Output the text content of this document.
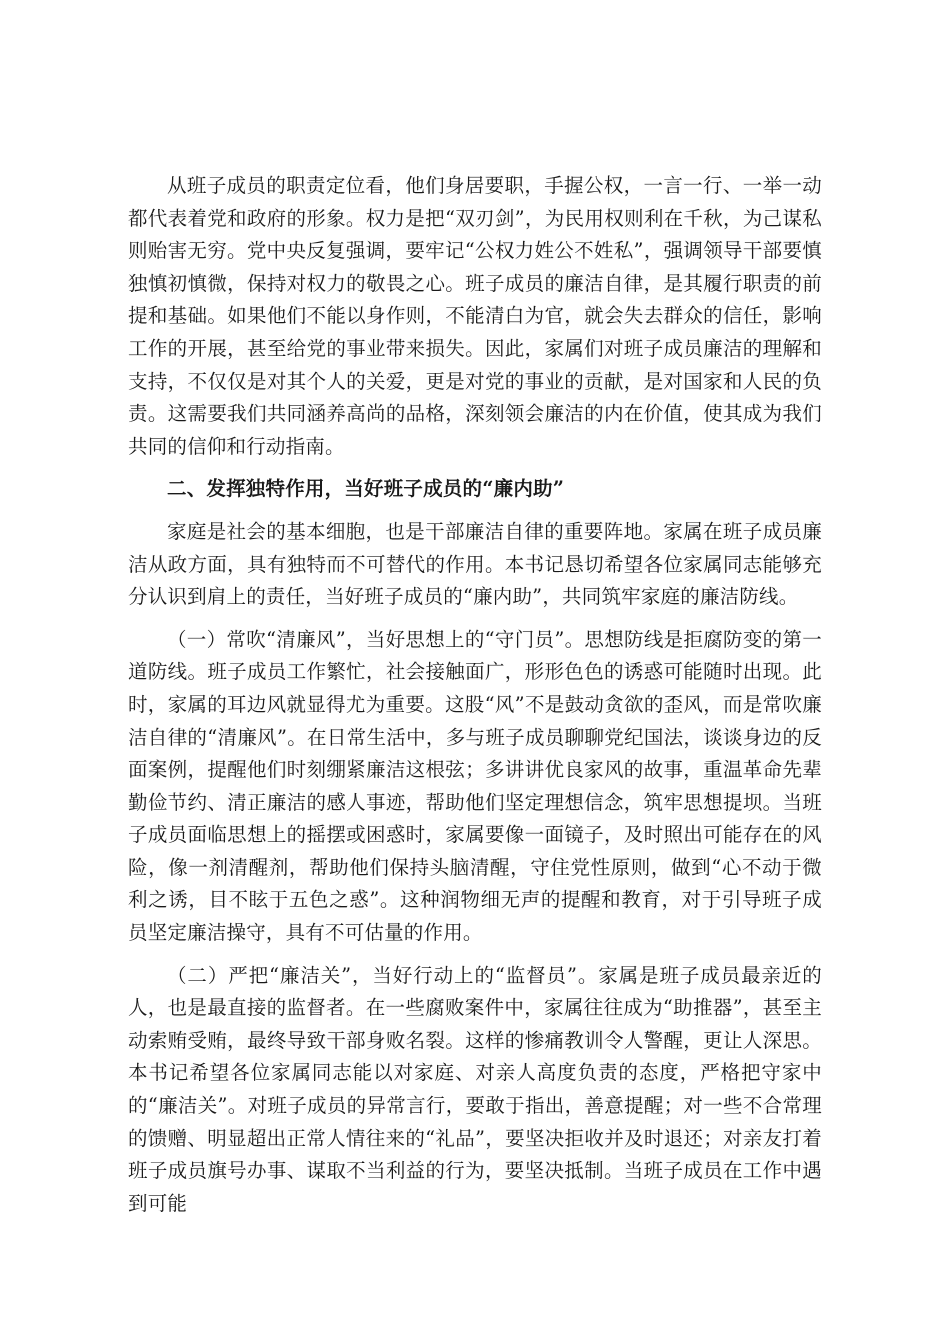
从班子成员的职责定位看，他们身居要职，手握公权，一言一行、一举一动都代表着党和政府的形象。权力是把“双刃剑”，为民用权则利在千秋，为己谋私则贻害无穷。党中央反复强调，要牢记“公权力姓公不姓私”，强调领导干部要慎独慎初慎微，保持对权力的敬畏之心。班子成员的廉洁自律，是其履行职责的前提和基础。如果他们不能以身作则，不能清白为官，就会失去群众的信任，影响工作的开展，甚至给党的事业带来损失。因此，家属们对班子成员廉洁的理解和支持，不仅仅是对其个人的关爱，更是对党的事业的贡献，是对国家和人民的负责。这需要我们共同涵养高尚的品格，深刻领会廉洁的内在价值，使其成为我们共同的信仰和行动指南。

二、发挥独特作用，当好班子成员的“廉内助”

家庭是社会的基本细胞，也是干部廉洁自律的重要阵地。家属在班子成员廉洁从政方面，具有独特而不可替代的作用。本书记恳切希望各位家属同志能够充分认识到肩上的责任，当好班子成员的“廉内助”，共同筑牢家庭的廉洁防线。

（一）常吹“清廉风”，当好思想上的“守门员”。思想防线是拒腐防变的第一道防线。班子成员工作繁忙，社会接触面广，形形色色的诱惑可能随时出现。此时，家属的耳边风就显得尤为重要。这股“风”不是鼓动贪欲的歪风，而是常吹廉洁自律的“清廉风”。在日常生活中，多与班子成员聊聊党纪国法，谈谈身边的反面案例，提醒他们时刻绷紧廉洁这根弦；多讲讲优良家风的故事，重温革命先辈勤俭节约、清正廉洁的感人事迹，帮助他们坚定理想信念，筑牢思想提坝。当班子成员面临思想上的摇摆或困惑时，家属要像一面镜子，及时照出可能存在的风险，像一剂清醒剂，帮助他们保持头脑清醒，守住党性原则，做到“心不动于微利之诱，目不眩于五色之惑”。这种润物细无声的提醒和教育，对于引导班子成员坚定廉洁操守，具有不可估量的作用。

（二）严把“廉洁关”，当好行动上的“监督员”。家属是班子成员最亲近的人，也是最直接的监督者。在一些腐败案件中，家属往往成为“助推器”，甚至主动索贿受贿，最终导致干部身败名裂。这样的惨痛教训令人警醒，更让人深思。本书记希望各位家属同志能以对家庭、对亲人高度负责的态度，严格把守家中的“廉洁关”。对班子成员的异常言行，要敢于指出，善意提醒；对一些不合常理的馈赠、明显超出正常人情往来的“礼品”，要坚决拒收并及时退还；对亲友打着班子成员旗号办事、谋取不当利益的行为，要坚决抵制。当班子成员在工作中遇到可能
